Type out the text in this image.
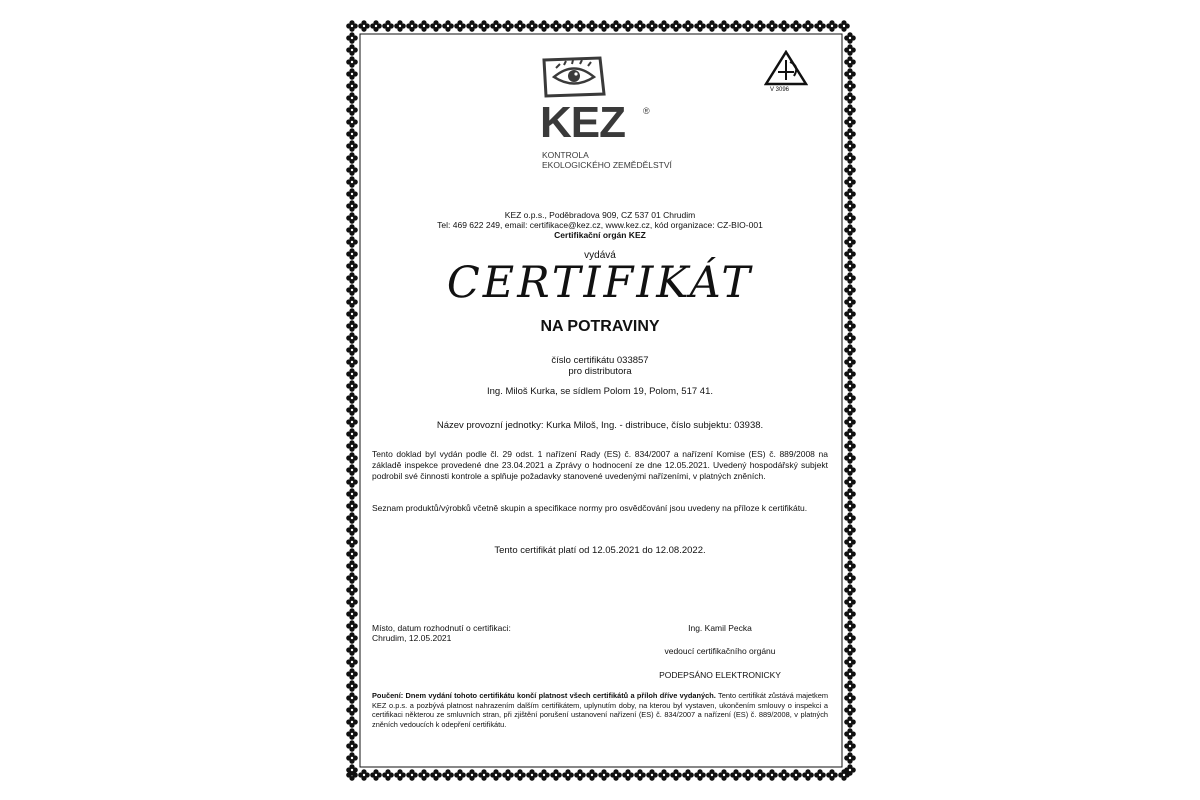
KEZ ®
KONTROLA
EKOLOGICKÉHO ZEMĚDĚLSTVÍ
V 3096
KEZ o.p.s., Poděbradova 909, CZ 537 01 Chrudim
Tel: 469 622 249, email: certifikace@kez.cz, www.kez.cz, kód organizace: CZ-BIO-001
Certifikační orgán KEZ
vydává
CERTIFIKÁT
NA POTRAVINY
číslo certifikátu 033857
pro distributora
Ing. Miloš Kurka, se sídlem Polom 19, Polom, 517 41.
Název provozní jednotky: Kurka Miloš, Ing. - distribuce, číslo subjektu: 03938.

Tento doklad byl vydán podle čl. 29 odst. 1 nařízení Rady (ES) č. 834/2007 a nařízení Komise (ES) č. 889/2008 na základě inspekce provedené dne 23.04.2021 a Zprávy o hodnocení ze dne 12.05.2021. Uvedený hospodářský subjekt podrobil své činnosti kontrole a splňuje požadavky stanovené uvedenými nařízeními, v platných zněních.

Seznam produktů/výrobků včetně skupin a specifikace normy pro osvědčování jsou uvedeny na příloze k certifikátu.

Tento certifikát platí od 12.05.2021 do 12.08.2022.
Místo, datum rozhodnutí o certifikaci:
Chrudim, 12.05.2021
Ing. Kamil Pecka
vedoucí certifikačního orgánu
PODEPSÁNO ELEKTRONICKY

Poučení: Dnem vydání tohoto certifikátu končí platnost všech certifikátů a příloh dříve vydaných. Tento certifikát zůstává majetkem KEZ o.p.s. a pozbývá platnost nahrazením dalším certifikátem, uplynutím doby, na kterou byl vystaven, ukončením smlouvy o inspekci a certifikaci některou ze smluvních stran, při zjištění porušení ustanovení nařízení (ES) č. 834/2007 a nařízení (ES) č. 889/2008, v platných zněních vedoucích k odepření certifikátu.
